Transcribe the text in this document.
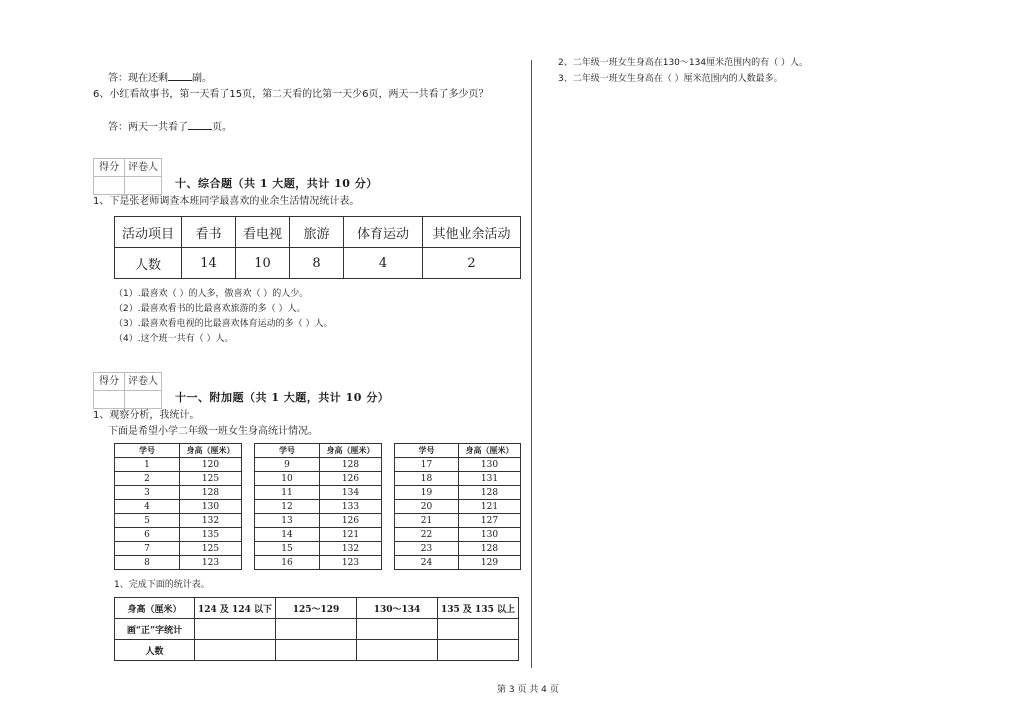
答：现在还剩 副。
6、小红看故事书，第一天看了15页，第二天看的比第一天少6页，两天一共看了多少页？
答：两天一共看了 页。
得分 评卷人
十、综合题（共 1 大题，共计 10 分）
1、下是张老师调查本班同学最喜欢的业余生活情况统计表。
活动项目	看书	看电视	旅游	体育运动	其他业余活动
人数	14	10	8	4	2
（1）.最喜欢（ ）的人多，傲喜欢（ ）的人少。
（2）.最喜欢看书的比最喜欢旅游的多（ ）人。
（3）.最喜欢看电视的比最喜欢体育运动的多（ ）人。
（4）.这个班一共有（ ）人。
得分 评卷人
十一、附加题（共 1 大题，共计 10 分）
1、观察分析，我统计。
下面是希望小学二年级一班女生身高统计情况。
学号	身高（厘米）
1	120
2	125
3	128
4	130
5	132
6	135
7	125
8	123
学号	身高（厘米）
9	128
10	126
11	134
12	133
13	126
14	121
15	132
16	123
学号	身高（厘米）
17	130
18	131
19	128
20	121
21	127
22	130
23	128
24	129
1、完成下面的统计表。
身高（厘米）	124 及 124 以下	125～129	130～134	135 及 135 以上
画“正”字统计				
人数				
2、二年级一班女生身高在130～134厘米范围内的有（ ）人。
3、二年级一班女生身高在（ ）厘米范围内的人数最多。
第 3 页 共 4 页
